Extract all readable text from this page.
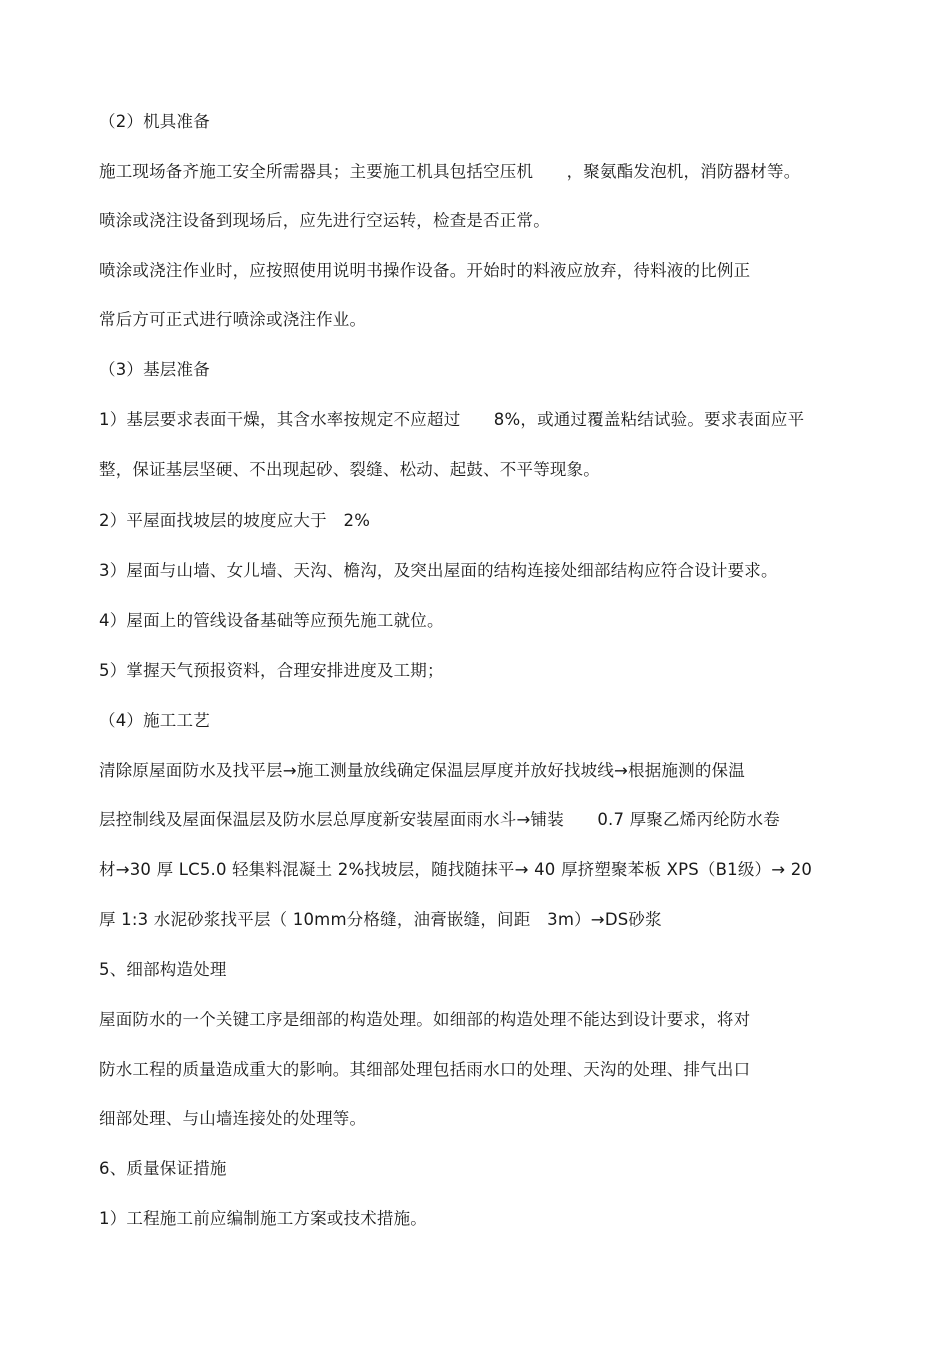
（2）机具准备

施工现场备齐施工安全所需器具；主要施工机具包括空压机　　，聚氨酯发泡机，消防器材等。

喷涂或浇注设备到现场后，应先进行空运转，检查是否正常。

喷涂或浇注作业时，应按照使用说明书操作设备。开始时的料液应放弃，待料液的比例正

常后方可正式进行喷涂或浇注作业。

（3）基层准备

1）基层要求表面干燥，其含水率按规定不应超过　　8%，或通过覆盖粘结试验。要求表面应平

整，保证基层坚硬、不出现起砂、裂缝、松动、起鼓、不平等现象。

2）平屋面找坡层的坡度应大于　2%

3）屋面与山墙、女儿墙、天沟、檐沟，及突出屋面的结构连接处细部结构应符合设计要求。

4）屋面上的管线设备基础等应预先施工就位。

5）掌握天气预报资料，合理安排进度及工期；

（4）施工工艺

清除原屋面防水及找平层→施工测量放线确定保温层厚度并放好找坡线→根据施测的保温

层控制线及屋面保温层及防水层总厚度新安装屋面雨水斗→铺装　　0.7 厚聚乙烯丙纶防水卷

材→30 厚 LC5.0 轻集料混凝土 2%找坡层，随找随抹平→ 40 厚挤塑聚苯板 XPS（B1级）→ 20

厚 1:3 水泥砂浆找平层（ 10mm分格缝，油膏嵌缝，间距　3m）→DS砂浆

5、细部构造处理

屋面防水的一个关键工序是细部的构造处理。如细部的构造处理不能达到设计要求，将对

防水工程的质量造成重大的影响。其细部处理包括雨水口的处理、天沟的处理、排气出口

细部处理、与山墙连接处的处理等。

6、质量保证措施

1）工程施工前应编制施工方案或技术措施。
